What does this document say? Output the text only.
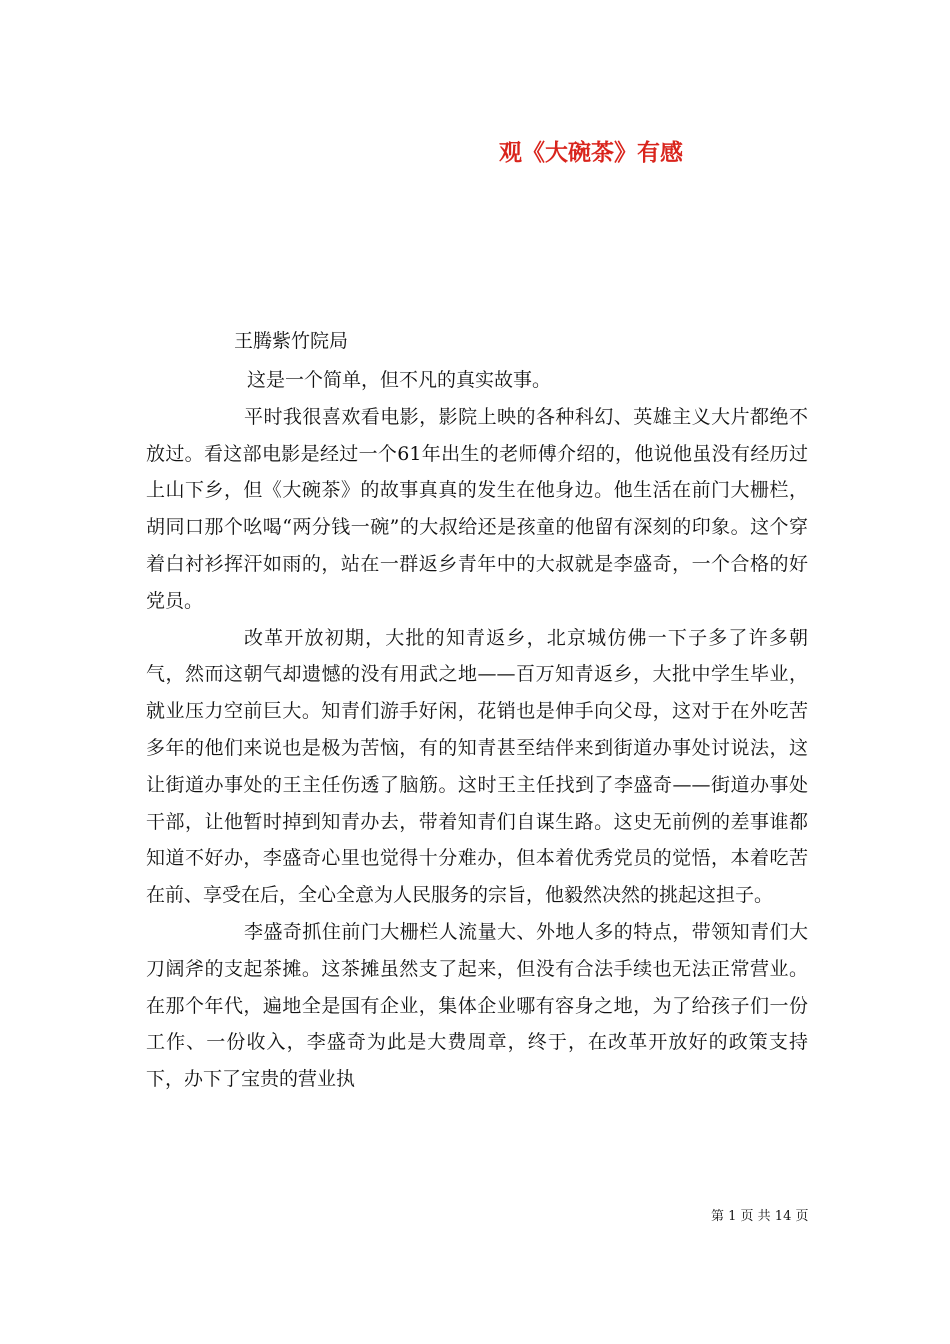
观《大碗茶》有感
王腾紫竹院局

这是一个简单，但不凡的真实故事。

平时我很喜欢看电影，影院上映的各种科幻、英雄主义大片都绝不放过。看这部电影是经过一个61年出生的老师傅介绍的，他说他虽没有经历过上山下乡，但《大碗茶》的故事真真的发生在他身边。他生活在前门大栅栏，胡同口那个吆喝“两分钱一碗”的大叔给还是孩童的他留有深刻的印象。这个穿着白衬衫挥汗如雨的，站在一群返乡青年中的大叔就是李盛奇，一个合格的好党员。

改革开放初期，大批的知青返乡，北京城仿佛一下子多了许多朝气，然而这朝气却遗憾的没有用武之地——百万知青返乡，大批中学生毕业，就业压力空前巨大。知青们游手好闲，花销也是伸手向父母，这对于在外吃苦多年的他们来说也是极为苦恼，有的知青甚至结伴来到街道办事处讨说法，这让街道办事处的王主任伤透了脑筋。这时王主任找到了李盛奇——街道办事处干部，让他暂时掉到知青办去，带着知青们自谋生路。这史无前例的差事谁都知道不好办，李盛奇心里也觉得十分难办，但本着优秀党员的觉悟，本着吃苦在前、享受在后，全心全意为人民服务的宗旨，他毅然决然的挑起这担子。

李盛奇抓住前门大栅栏人流量大、外地人多的特点，带领知青们大刀阔斧的支起茶摊。这茶摊虽然支了起来，但没有合法手续也无法正常营业。在那个年代，遍地全是国有企业，集体企业哪有容身之地，为了给孩子们一份工作、一份收入，李盛奇为此是大费周章，终于，在改革开放好的政策支持下，办下了宝贵的营业执

第 1 页 共 14 页
